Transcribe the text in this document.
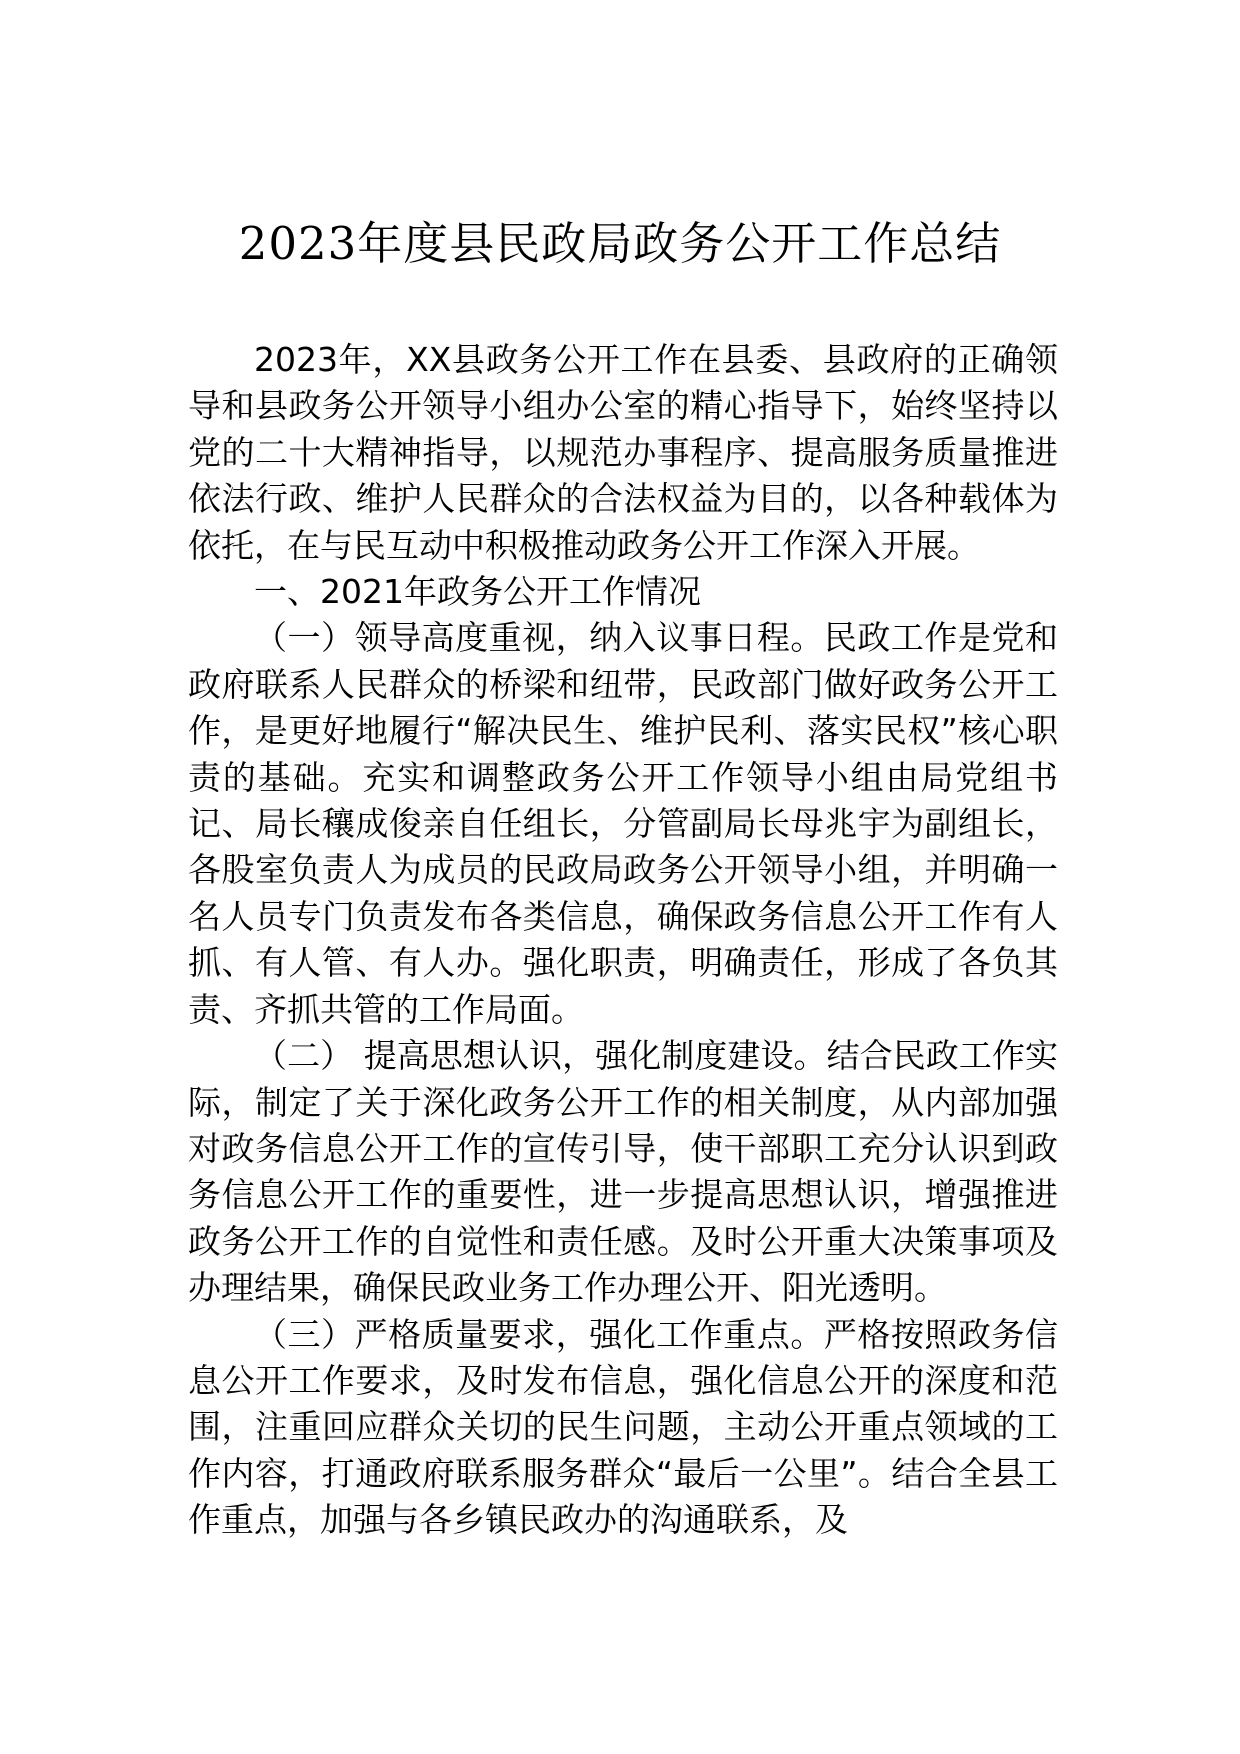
2023年度县民政局政务公开工作总结

2023年，XX县政务公开工作在县委、县政府的正确领导和县政务公开领导小组办公室的精心指导下，始终坚持以党的二十大精神指导，以规范办事程序、提高服务质量推进依法行政、维护人民群众的合法权益为目的，以各种载体为依托，在与民互动中积极推动政务公开工作深入开展。

一、2021年政务公开工作情况

（一）领导高度重视，纳入议事日程。民政工作是党和政府联系人民群众的桥梁和纽带，民政部门做好政务公开工作，是更好地履行“解决民生、维护民利、落实民权”核心职责的基础。充实和调整政务公开工作领导小组由局党组书记、局长穰成俊亲自任组长，分管副局长母兆宇为副组长，各股室负责人为成员的民政局政务公开领导小组，并明确一名人员专门负责发布各类信息，确保政务信息公开工作有人抓、有人管、有人办。强化职责，明确责任，形成了各负其责、齐抓共管的工作局面。

（二） 提高思想认识，强化制度建设。结合民政工作实际，制定了关于深化政务公开工作的相关制度，从内部加强对政务信息公开工作的宣传引导，使干部职工充分认识到政务信息公开工作的重要性，进一步提高思想认识，增强推进政务公开工作的自觉性和责任感。及时公开重大决策事项及办理结果，确保民政业务工作办理公开、阳光透明。

（三）严格质量要求，强化工作重点。严格按照政务信息公开工作要求，及时发布信息，强化信息公开的深度和范围，注重回应群众关切的民生问题，主动公开重点领域的工作内容，打通政府联系服务群众“最后一公里”。结合全县工作重点，加强与各乡镇民政办的沟通联系，及
